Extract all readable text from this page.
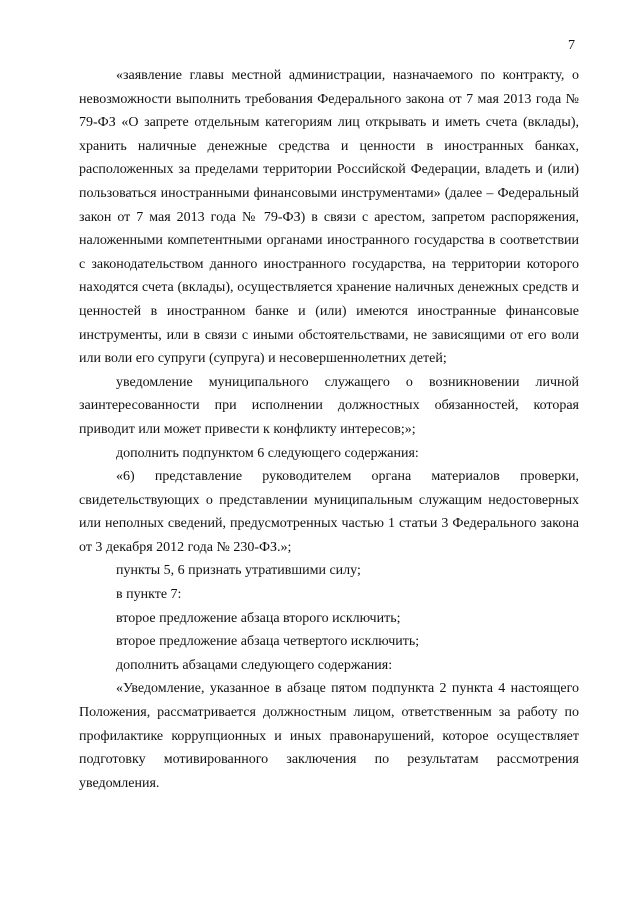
7

«заявление главы местной администрации, назначаемого по контракту, о невозможности выполнить требования Федерального закона от 7 мая 2013 года № 79-ФЗ «О запрете отдельным категориям лиц открывать и иметь счета (вклады), хранить наличные денежные средства и ценности в иностранных банках, расположенных за пределами территории Российской Федерации, владеть и (или) пользоваться иностранными финансовыми инструментами» (далее – Федеральный закон от 7 мая 2013 года № 79-ФЗ) в связи с арестом, запретом распоряжения, наложенными компетентными органами иностранного государства в соответствии с законодательством данного иностранного государства, на территории которого находятся счета (вклады), осуществляется хранение наличных денежных средств и ценностей в иностранном банке и (или) имеются иностранные финансовые инструменты, или в связи с иными обстоятельствами, не зависящими от его воли или воли его супруги (супруга) и несовершеннолетних детей;

уведомление муниципального служащего о возникновении личной заинтересованности при исполнении должностных обязанностей, которая приводит или может привести к конфликту интересов;»;

дополнить подпунктом 6 следующего содержания:

«6) представление руководителем органа материалов проверки, свидетельствующих о представлении муниципальным служащим недостоверных или неполных сведений, предусмотренных частью 1 статьи 3 Федерального закона от 3 декабря 2012 года № 230-ФЗ.»;

пункты 5, 6 признать утратившими силу;

в пункте 7:

второе предложение абзаца второго исключить;

второе предложение абзаца четвертого исключить;

дополнить абзацами следующего содержания:

«Уведомление, указанное в абзаце пятом подпункта 2 пункта 4 настоящего Положения, рассматривается должностным лицом, ответственным за работу по профилактике коррупционных и иных правонарушений, которое осуществляет подготовку мотивированного заключения по результатам рассмотрения уведомления.
